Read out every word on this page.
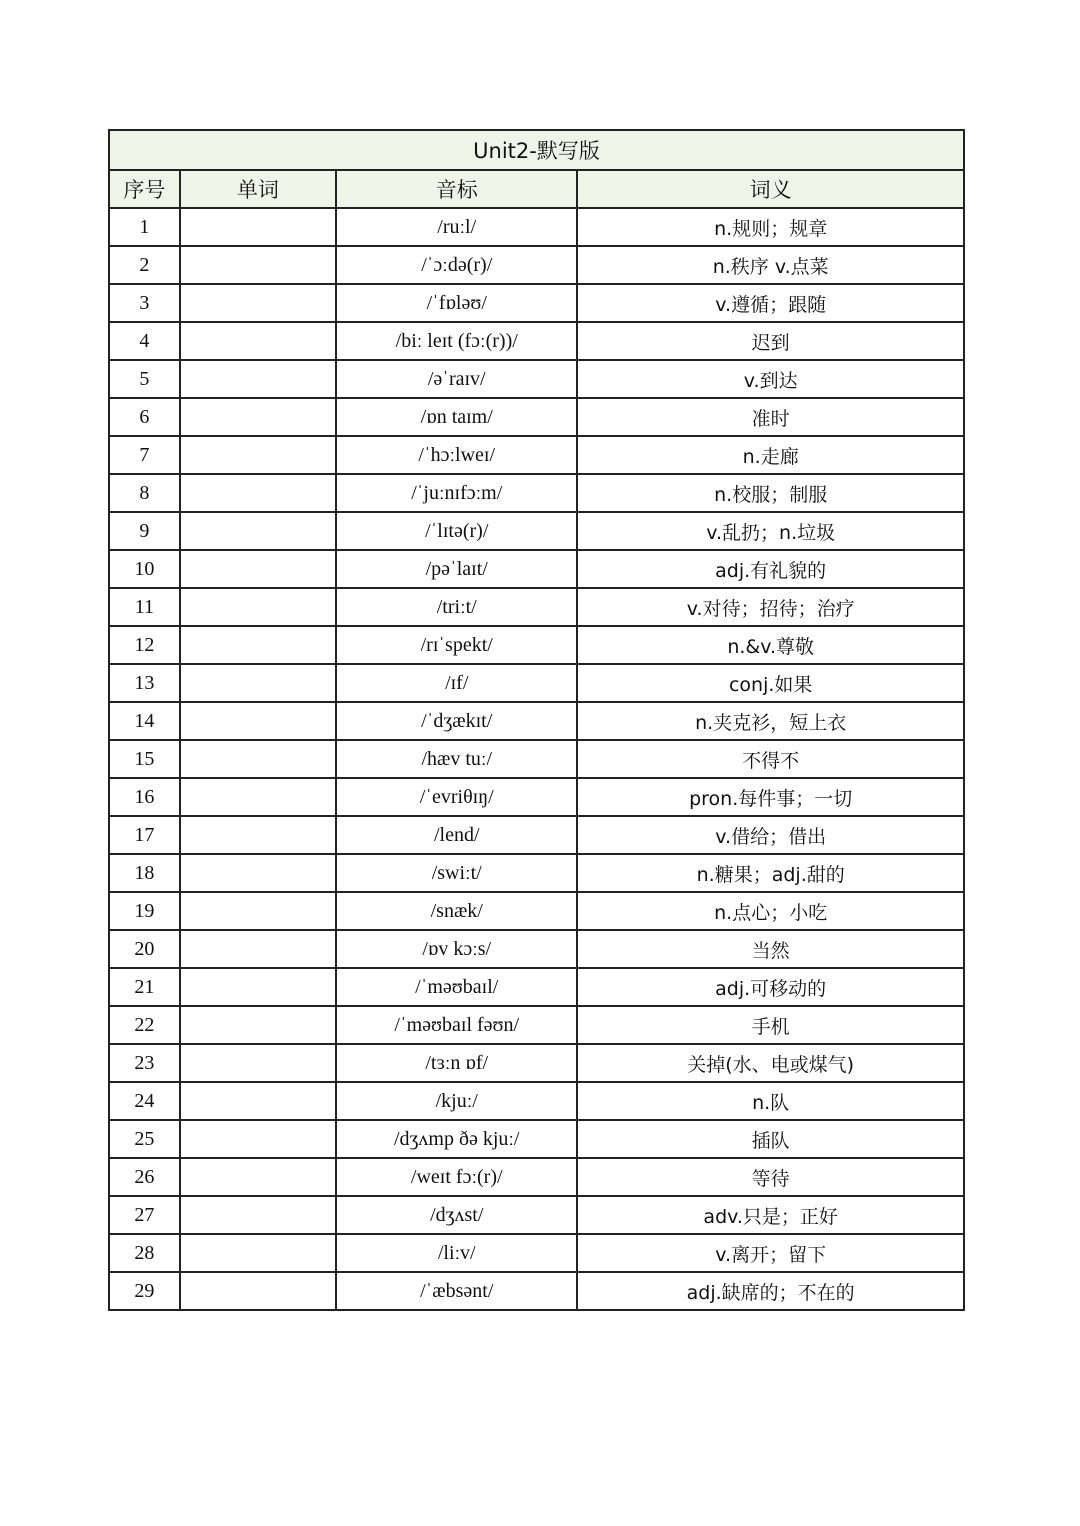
Unit2-默写版			
序号	单词	音标	词义
1		/ruːl/	n.规则；规章
2		/ˈɔːdə(r)/	n.秩序 v.点菜
3		/ˈfɒləʊ/	v.遵循；跟随
4		/biː leɪt (fɔː(r))/	迟到
5		/əˈraɪv/	v.到达
6		/ɒn taɪm/	准时
7		/ˈhɔːlweɪ/	n.走廊
8		/ˈjuːnɪfɔːm/	n.校服；制服
9		/ˈlɪtə(r)/	v.乱扔；n.垃圾
10		/pəˈlaɪt/	adj.有礼貌的
11		/triːt/	v.对待；招待；治疗
12		/rɪˈspekt/	n.&v.尊敬
13		/ɪf/	conj.如果
14		/ˈdʒækɪt/	n.夹克衫，短上衣
15		/hæv tuː/	不得不
16		/ˈevriθɪŋ/	pron.每件事；一切
17		/lend/	v.借给；借出
18		/swiːt/	n.糖果；adj.甜的
19		/snæk/	n.点心；小吃
20		/ɒv kɔːs/	当然
21		/ˈməʊbaɪl/	adj.可移动的
22		/ˈməʊbaɪl fəʊn/	手机
23		/tɜːn ɒf/	关掉(水、电或煤气)
24		/kjuː/	n.队
25		/dʒʌmp ðə kjuː/	插队
26		/weɪt fɔː(r)/	等待
27		/dʒʌst/	adv.只是；正好
28		/liːv/	v.离开；留下
29		/ˈæbsənt/	adj.缺席的；不在的
